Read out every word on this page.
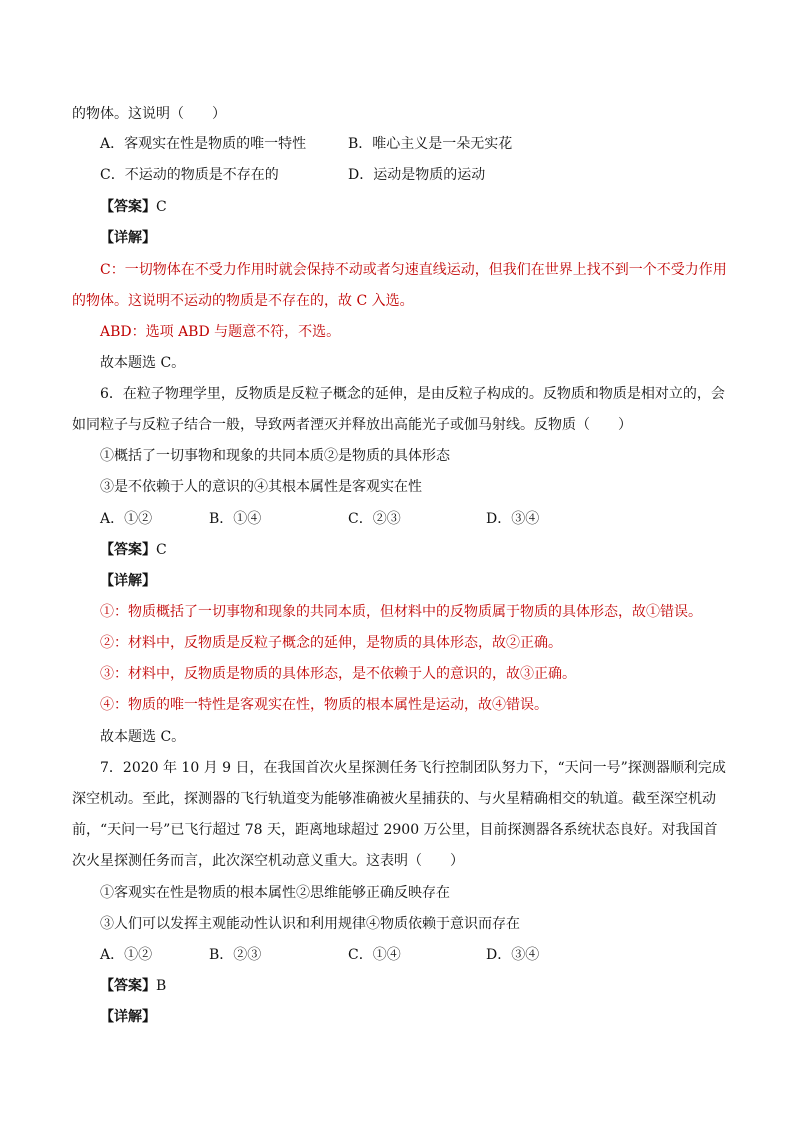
的物体。这说明（　　）
A．客观实在性是物质的唯一特性	B．唯心主义是一朵无实花
C．不运动的物质是不存在的	D．运动是物质的运动
【答案】C
【详解】
C：一切物体在不受力作用时就会保持不动或者匀速直线运动，但我们在世界上找不到一个不受力作用
的物体。这说明不运动的物质是不存在的，故 C 入选。
ABD：选项 ABD 与题意不符，不选。
故本题选 C。
6．在粒子物理学里，反物质是反粒子概念的延伸，是由反粒子构成的。反物质和物质是相对立的，会
如同粒子与反粒子结合一般，导致两者湮灭并释放出高能光子或伽马射线。反物质（　　）
①概括了一切事物和现象的共同本质②是物质的具体形态
③是不依赖于人的意识的④其根本属性是客观实在性
A．①②	B．①④	C．②③	D．③④
【答案】C
【详解】
①：物质概括了一切事物和现象的共同本质，但材料中的反物质属于物质的具体形态，故①错误。
②：材料中，反物质是反粒子概念的延伸，是物质的具体形态，故②正确。
③：材料中，反物质是物质的具体形态，是不依赖于人的意识的，故③正确。
④：物质的唯一特性是客观实在性，物质的根本属性是运动，故④错误。
故本题选 C。
7．2020 年 10 月 9 日，在我国首次火星探测任务飞行控制团队努力下，“天问一号”探测器顺利完成
深空机动。至此，探测器的飞行轨道变为能够准确被火星捕获的、与火星精确相交的轨道。截至深空机动
前，“天问一号”已飞行超过 78 天，距离地球超过 2900 万公里，目前探测器各系统状态良好。对我国首
次火星探测任务而言，此次深空机动意义重大。这表明（　　）
①客观实在性是物质的根本属性②思维能够正确反映存在
③人们可以发挥主观能动性认识和利用规律④物质依赖于意识而存在
A．①②	B．②③	C．①④	D．③④
【答案】B
【详解】
